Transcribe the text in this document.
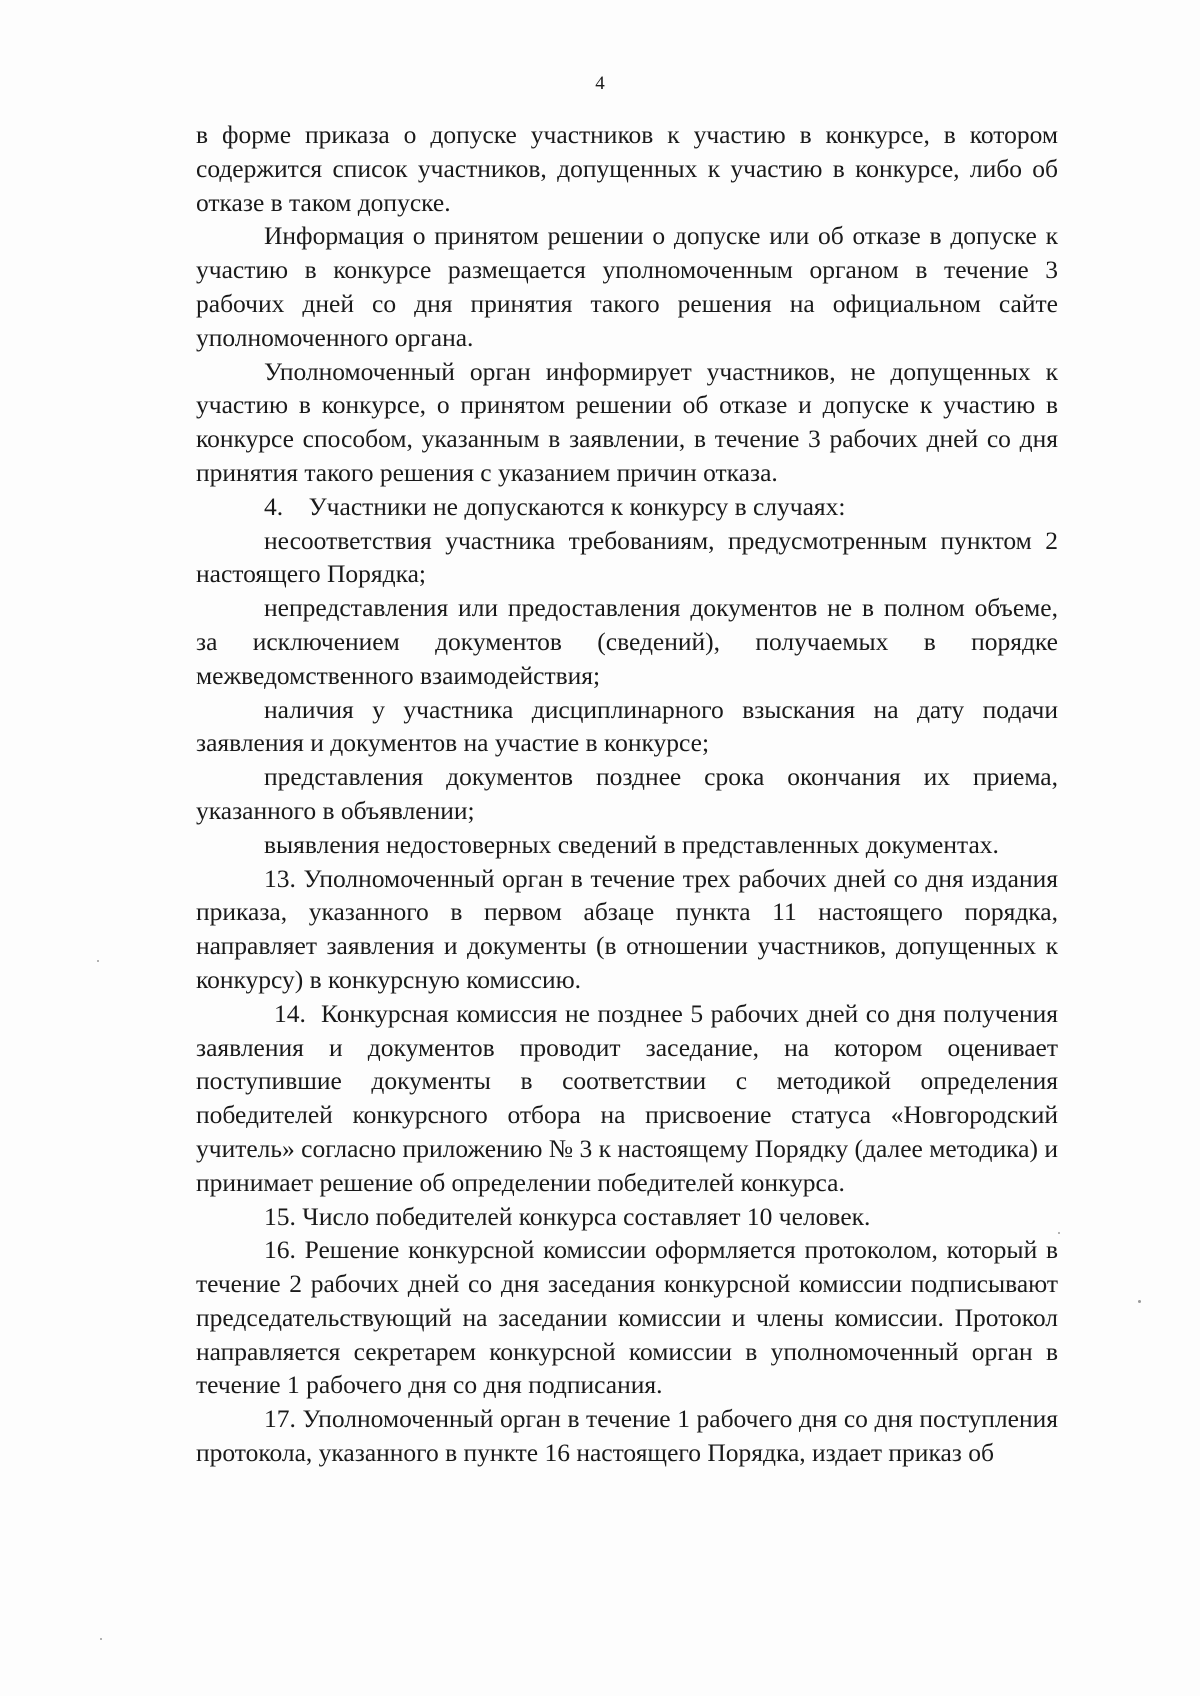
4

в форме приказа о допуске участников к участию в конкурсе, в котором содержится список участников, допущенных к участию в конкурсе, либо об отказе в таком допуске.

Информация о принятом решении о допуске или об отказе в допуске к участию в конкурсе размещается уполномоченным органом в течение 3 рабочих дней со дня принятия такого решения на официальном сайте уполномоченного органа.

Уполномоченный орган информирует участников, не допущенных к участию в конкурсе, о принятом решении об отказе и допуске к участию в конкурсе способом, указанным в заявлении, в течение 3 рабочих дней со дня принятия такого решения с указанием причин отказа.

4.    Участники не допускаются к конкурсу в случаях:

несоответствия участника требованиям, предусмотренным пунктом 2 настоящего Порядка;

непредставления или предоставления документов не в полном объеме, за исключением документов (сведений), получаемых в порядке межведомственного взаимодействия;

наличия у участника дисциплинарного взыскания на дату подачи заявления и документов на участие в конкурсе;

представления документов позднее срока окончания их приема, указанного в объявлении;

выявления недостоверных сведений в представленных документах.

13. Уполномоченный орган в течение трех рабочих дней со дня издания приказа, указанного в первом абзаце пункта 11 настоящего порядка, направляет заявления и документы (в отношении участников, допущенных к конкурсу) в конкурсную комиссию.

14.  Конкурсная комиссия не позднее 5 рабочих дней со дня получения заявления и документов проводит заседание, на котором оценивает поступившие документы в соответствии с методикой определения победителей конкурсного отбора на присвоение статуса «Новгородский учитель» согласно приложению № 3 к настоящему Порядку (далее методика) и принимает решение об определении победителей конкурса.

15. Число победителей конкурса составляет 10 человек.

16. Решение конкурсной комиссии оформляется протоколом, который в течение 2 рабочих дней со дня заседания конкурсной комиссии подписывают председательствующий на заседании комиссии и члены комиссии. Протокол направляется секретарем конкурсной комиссии в уполномоченный орган в течение 1 рабочего дня со дня подписания.

17. Уполномоченный орган в течение 1 рабочего дня со дня поступления протокола, указанного в пункте 16 настоящего Порядка, издает приказ об
